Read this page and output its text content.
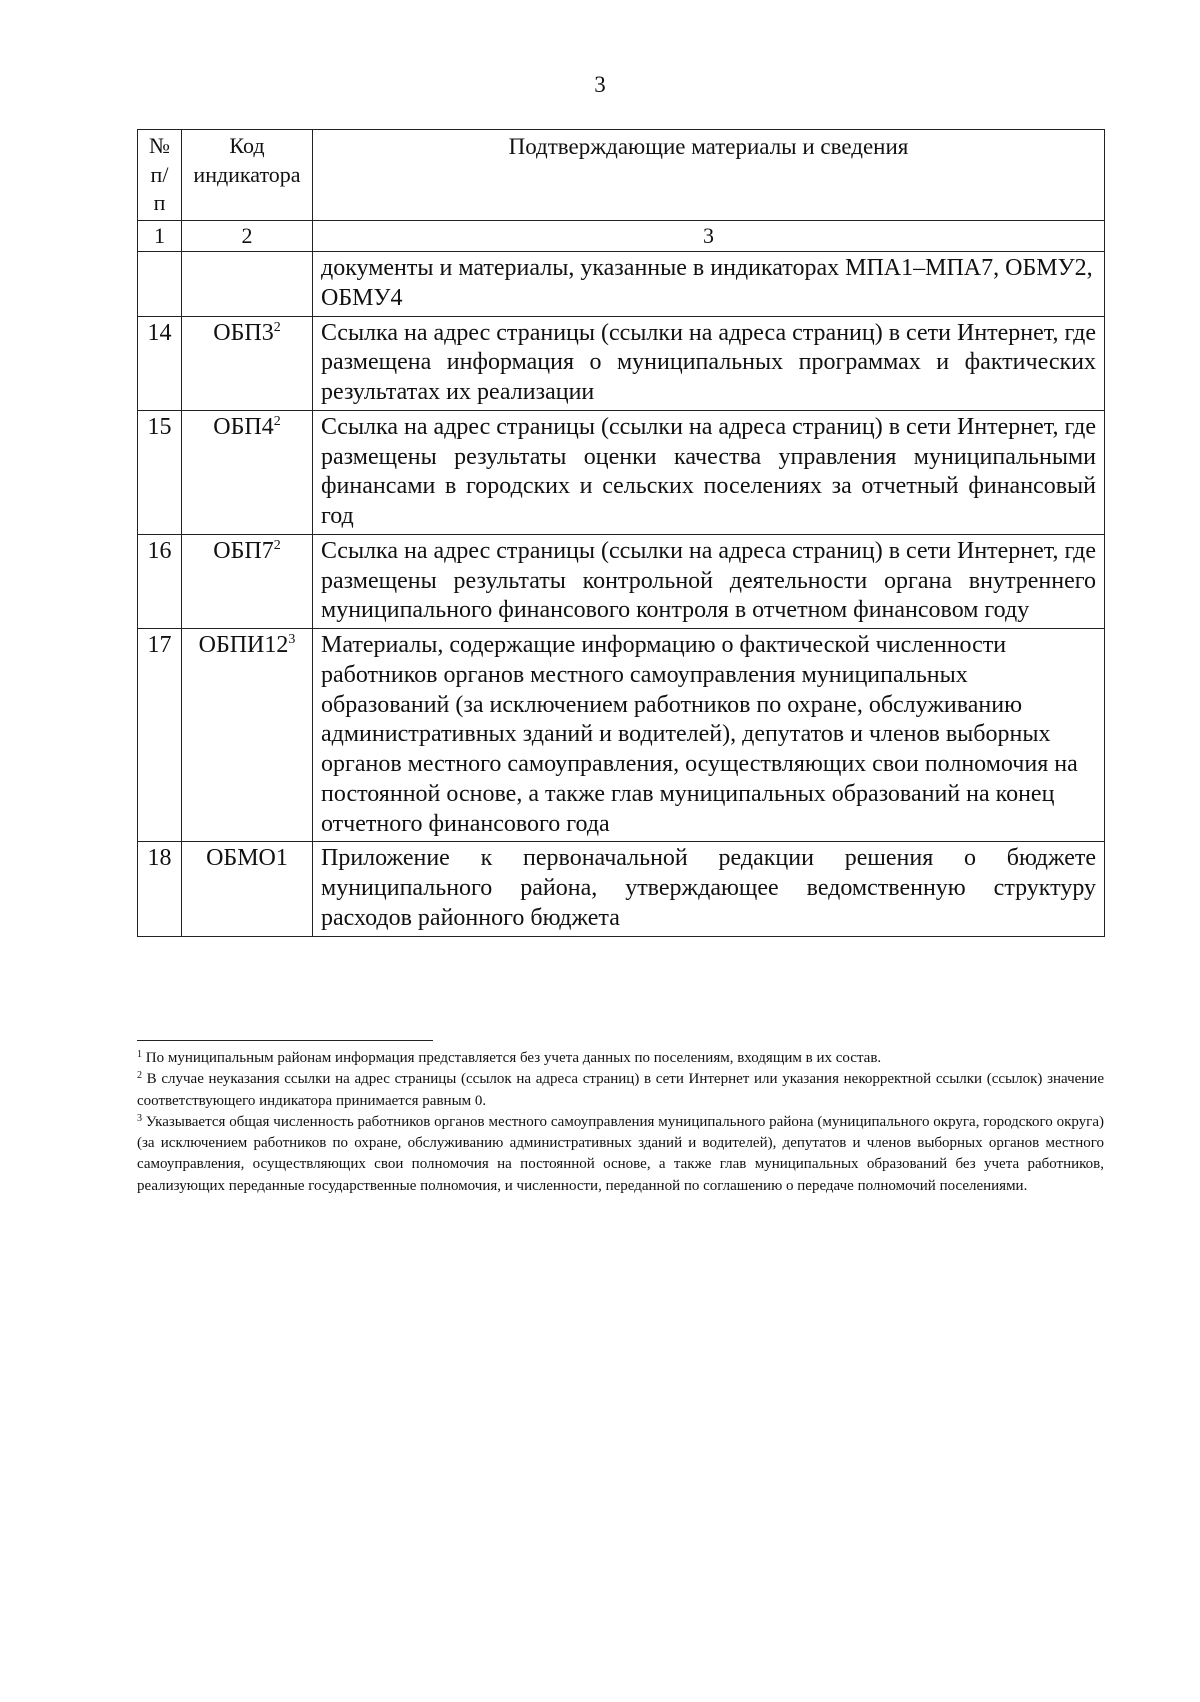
3
№ п/п	Код индикатора	Подтверждающие материалы и сведения
1	2	3
		документы и материалы, указанные в индикаторах МПА1–МПА7, ОБМУ2, ОБМУ4
14	$ОБП3^2$	Ссылка на адрес страницы (ссылки на адреса страниц) в сети Интернет, где размещена информация о муниципальных программах и фактических результатах их реализации
15	$ОБП4^2$	Ссылка на адрес страницы (ссылки на адреса страниц) в сети Интернет, где размещены результаты оценки качества управления муниципальными финансами в городских и сельских поселениях за отчетный финансовый год
16	$ОБП7^2$	Ссылка на адрес страницы (ссылки на адреса страниц) в сети Интернет, где размещены результаты контрольной деятельности органа внутреннего муниципального финансового контроля в отчетном финансовом году
17	$ОБПИ12^3$	Материалы, содержащие информацию о фактической численности работников органов местного самоуправления муниципальных образований (за исключением работников по охране, обслуживанию административных зданий и водителей), депутатов и членов выборных органов местного самоуправления, осуществляющих свои полномочия на постоянной основе, а также глав муниципальных образований на конец отчетного финансового года
18	ОБМО1	Приложение к первоначальной редакции решения о бюджете муниципального района, утверждающее ведомственную структуру расходов районного бюджета

$^1$ По муниципальным районам информация представляется без учета данных по поселениям, входящим в их состав.

$^2$ В случае неуказания ссылки на адрес страницы (ссылок на адреса страниц) в сети Интернет или указания некорректной ссылки (ссылок) значение соответствующего индикатора принимается равным 0.

$^3$ Указывается общая численность работников органов местного самоуправления муниципального района (муниципального округа, городского округа) (за исключением работников по охране, обслуживанию административных зданий и водителей), депутатов и членов выборных органов местного самоуправления, осуществляющих свои полномочия на постоянной основе, а также глав муниципальных образований без учета работников, реализующих переданные государственные полномочия, и численности, переданной по соглашению о передаче полномочий поселениями.
